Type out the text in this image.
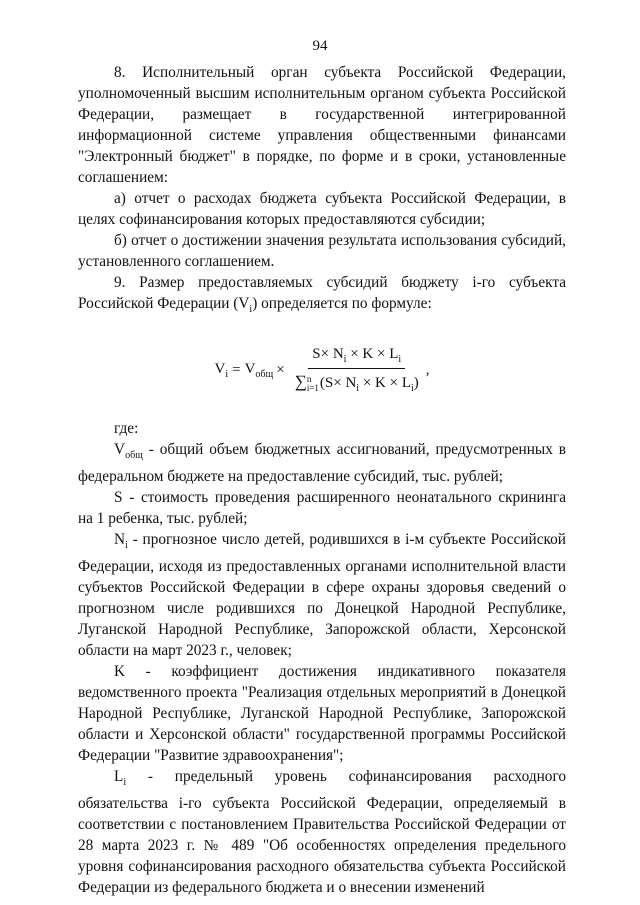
94

8. Исполнительный орган субъекта Российской Федерации, уполномоченный высшим исполнительным органом субъекта Российской Федерации, размещает в государственной интегрированной информационной системе управления общественными финансами "Электронный бюджет" в порядке, по форме и в сроки, установленные соглашением:

а) отчет о расходах бюджета субъекта Российской Федерации, в целях софинансирования которых предоставляются субсидии;

б) отчет о достижении значения результата использования субсидий, установленного соглашением.

9. Размер предоставляемых субсидий бюджету i-го субъекта Российской Федерации $(V_i)$ определяется по формуле:

$V_i = V_{общ} \times S\times N_i \times K \times L_i$
∑ n
i=1 $(S\times N_i \times K \times L_i)$ ,

где:

$V_{общ}$ - общий объем бюджетных ассигнований, предусмотренных в федеральном бюджете на предоставление субсидий, тыс. рублей;

S - стоимость проведения расширенного неонатального скрининга на 1 ребенка, тыс. рублей;

$N_i$ - прогнозное число детей, родившихся в i-м субъекте Российской Федерации, исходя из предоставленных органами исполнительной власти субъектов Российской Федерации в сфере охраны здоровья сведений о прогнозном числе родившихся по Донецкой Народной Республике, Луганской Народной Республике, Запорожской области, Херсонской области на март 2023 г., человек;

K - коэффициент достижения индикативного показателя ведомственного проекта "Реализация отдельных мероприятий в Донецкой Народной Республике, Луганской Народной Республике, Запорожской области и Херсонской области" государственной программы Российской Федерации "Развитие здравоохранения";

$L_i$ - предельный уровень софинансирования расходного обязательства i-го субъекта Российской Федерации, определяемый в соответствии с постановлением Правительства Российской Федерации от 28 марта 2023 г. № 489 "Об особенностях определения предельного уровня софинансирования расходного обязательства субъекта Российской Федерации из федерального бюджета и о внесении изменений
